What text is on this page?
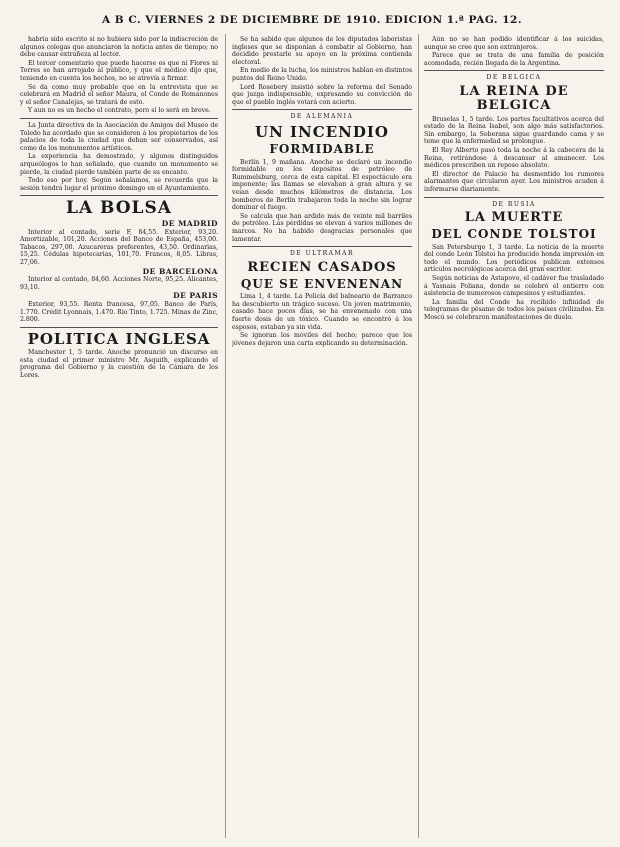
A B C. VIERNES 2 DE DICIEMBRE DE 1910. EDICION 1.ª PAG. 12.

habría sido escrito si no hubiera sido por la indiscreción de algunos colegas que anunciaron la noticia antes de tiempo; no debe causar extrañeza al lector.

El tercer comentario que puede hacerse es que ni Flores ni Torres se han arrojado al público, y que el médico dijo que, teniendo en cuenta los hechos, no se atrevía a firmar.

Se da como muy probable que en la entrevista que se celebrará en Madrid el señor Maura, el Conde de Romanones y el señor Canalejas, se tratará de esto.

Y aun no es un hecho el contrato, pero sí lo será en breve.

La Junta directiva de la Asociación de Amigos del Museo de Toledo ha acordado que se consideren á los propietarios de los palacios de toda la ciudad que deban ser conservados, así como de los monumentos artísticos.

La experiencia ha demostrado, y algunos distinguidos arqueólogos lo han señalado, que cuando un monumento se pierde, la ciudad pierde también parte de su encanto.

Todo eso por hoy. Según señalamos, se recuerda que la sesión tendrá lugar el próximo domingo en el Ayuntamiento.

LA BOLSA
DE MADRID

Interior al contado, serie F, 84,55. Exterior, 93,20. Amortizable, 101,20. Acciones del Banco de España, 453,00. Tabacos, 297,00. Azucareras preferentes, 43,50. Ordinarias, 15,25. Cédulas hipotecarias, 101,70. Francos, 8,05. Libras, 27,06.

DE BARCELONA

Interior al contado, 84,60. Acciones Norte, 95,25. Alicantes, 93,10.

DE PARIS

Exterior, 93,55. Renta francesa, 97,05. Banco de París, 1.770. Crédit Lyonnais, 1.470. Rio Tinto, 1.725. Minas de Zinc, 2.800.

POLITICA INGLESA

Manchester 1, 5 tarde. Anoche pronunció un discurso en esta ciudad el primer ministro Mr. Asquith, explicando el programa del Gobierno y la cuestión de la Cámara de los Lores.

Se ha sabido que algunos de los diputados laboristas ingleses que se disponían á combatir al Gobierno, han decidido prestarle su apoyo en la próxima contienda electoral.

En medio de la lucha, los ministros hablan en distintos puntos del Reino Unido.

Lord Rosebery insistió sobre la reforma del Senado que juzga indispensable, expresando su convicción de que el pueblo inglés votará con acierto.

DE ALEMANIA
UN INCENDIO
FORMIDABLE

Berlín 1, 9 mañana. Anoche se declaró un incendio formidable en los depósitos de petróleo de Rummelsburg, cerca de esta capital. El espectáculo era imponente; las llamas se elevaban á gran altura y se veían desde muchos kilómetros de distancia. Los bomberos de Berlín trabajaron toda la noche sin lograr dominar el fuego.

Se calcula que han ardido más de veinte mil barriles de petróleo. Las pérdidas se elevan á varios millones de marcos. No ha habido desgracias personales que lamentar.

DE ULTRAMAR
RECIEN CASADOS
QUE SE ENVENENAN

Lima 1, 4 tarde. La Policía del balneario de Barranco ha descubierto un trágico suceso. Un joven matrimonio, casado hace pocos días, se ha envenenado con una fuerte dosis de un tóxico. Cuando se encontró á los esposos, estaban ya sin vida.

Se ignoran los móviles del hecho; parece que los jóvenes dejaron una carta explicando su determinación.

Aún no se han podido identificar á los suicidas, aunque se cree que son extranjeros.

Parece que se trata de una familia de posición acomodada, recién llegada de la Argentina.

DE BELGICA
LA REINA DE BELGICA

Bruselas 1, 5 tarde. Los partes facultativos acerca del estado de la Reina Isabel, son algo más satisfactorios. Sin embargo, la Soberana sigue guardando cama y se teme que la enfermedad se prolongue.

El Rey Alberto pasó toda la noche á la cabecera de la Reina, retirándose á descansar al amanecer. Los médicos prescriben un reposo absoluto.

El director de Palacio ha desmentido los rumores alarmantes que circularon ayer. Los ministros acuden á informarse diariamente.

DE RUSIA
LA MUERTE
DEL CONDE TOLSTOI

San Petersburgo 1, 3 tarde. La noticia de la muerte del conde León Tolstoi ha producido honda impresión en todo el mundo. Los periódicos publican extensos artículos necrológicos acerca del gran escritor.

Según noticias de Astapovo, el cadáver fue trasladado á Yasnaia Poliana, donde se celebró el entierro con asistencia de numerosos campesinos y estudiantes.

La familia del Conde ha recibido infinidad de telegramas de pésame de todos los países civilizados. En Moscú se celebraron manifestaciones de duelo.
